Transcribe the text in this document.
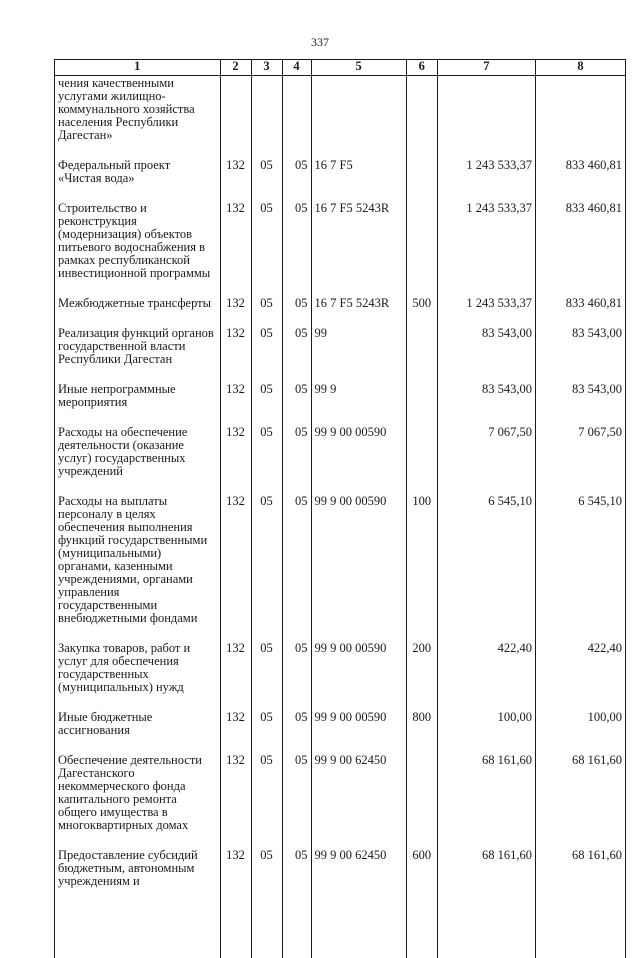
337
1	2	3	4	5	6	7	8
чения качественными услугами жилищно-коммунального хозяйства населения Республики Дагестан»							
Федеральный проект «Чистая вода»	132	05	05	16 7 F5		1 243 533,37	833 460,81
Строительство и реконструкция (модернизация) объектов питьевого водоснабжения в рамках республиканской инвестиционной программы	132	05	05	16 7 F5 5243R		1 243 533,37	833 460,81
Межбюджетные трансферты	132	05	05	16 7 F5 5243R	500	1 243 533,37	833 460,81
Реализация функций органов государственной власти Республики Дагестан	132	05	05	99		83 543,00	83 543,00
Иные непрограммные мероприятия	132	05	05	99 9		83 543,00	83 543,00
Расходы на обеспечение деятельности (оказание услуг) государственных учреждений	132	05	05	99 9 00 00590		7 067,50	7 067,50
Расходы на выплаты персоналу в целях обеспечения выполнения функций государственными (муниципальными) органами, казенными учреждениями, органами управления государственными внебюджетными фондами	132	05	05	99 9 00 00590	100	6 545,10	6 545,10
Закупка товаров, работ и услуг для обеспечения государственных (муниципальных) нужд	132	05	05	99 9 00 00590	200	422,40	422,40
Иные бюджетные ассигнования	132	05	05	99 9 00 00590	800	100,00	100,00
Обеспечение деятельности Дагестанского некоммерческого фонда капитального ремонта общего имущества в многоквартирных домах	132	05	05	99 9 00 62450		68 161,60	68 161,60
Предоставление субсидий бюджетным, автономным учреждениям и	132	05	05	99 9 00 62450	600	68 161,60	68 161,60
